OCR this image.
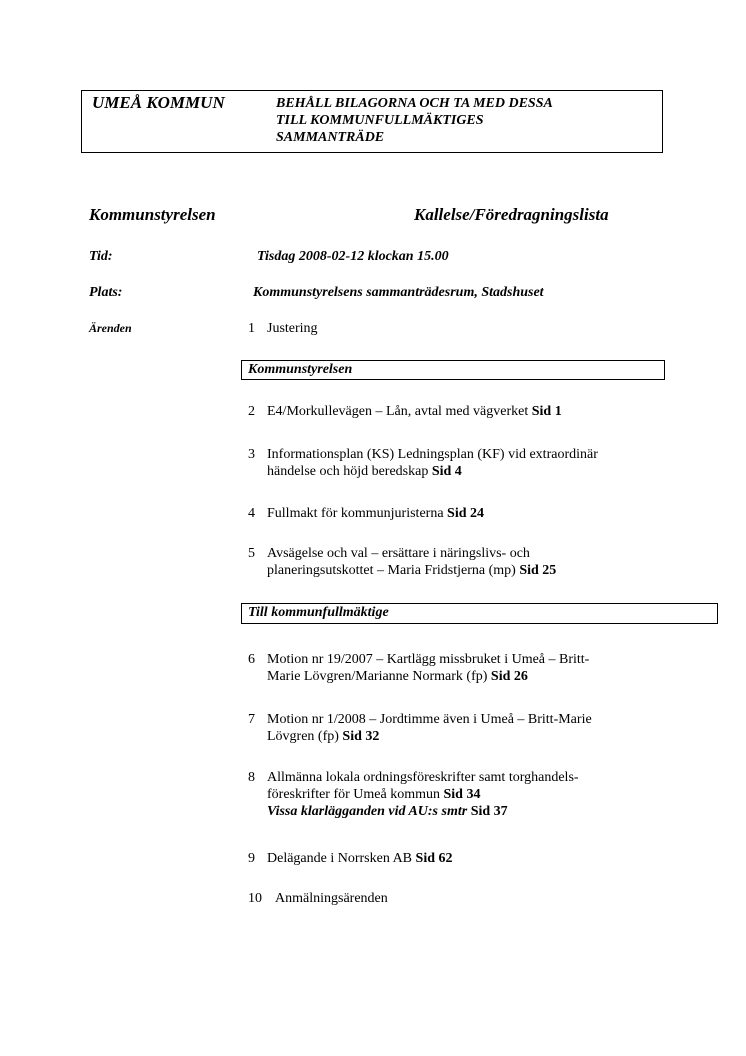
UMEÅ KOMMUN	BEHÅLL BILAGORNA OCH TA MED DESSA
TILL KOMMUNFULLMÄKTIGES
SAMMANTRÄDE
Kommunstyrelsen	Kallelse/Föredragningslista
Tid:	Tisdag 2008-02-12 klockan 15.00
Plats:	Kommunstyrelsens sammanträdesrum, Stadshuset
Ärenden
Kommunstyrelsen
Till kommunfullmäktige
1 Justering
2 E4/Morkullevägen – Lån, avtal med vägverket Sid 1
3 Informationsplan (KS) Ledningsplan (KF) vid extraordinär
händelse och höjd beredskap Sid 4
4 Fullmakt för kommunjuristerna Sid 24
5 Avsägelse och val – ersättare i näringslivs- och
planeringsutskottet – Maria Fridstjerna (mp) Sid 25
6 Motion nr 19/2007 – Kartlägg missbruket i Umeå – Britt-
Marie Lövgren/Marianne Normark (fp) Sid 26
7 Motion nr 1/2008 – Jordtimme även i Umeå – Britt-Marie
Lövgren (fp) Sid 32
8 Allmänna lokala ordningsföreskrifter samt torghandels-
föreskrifter för Umeå kommun Sid 34
Vissa klarlägganden vid AU:s smtr Sid 37
9 Delägande i Norrsken AB Sid 62
10 Anmälningsärenden
